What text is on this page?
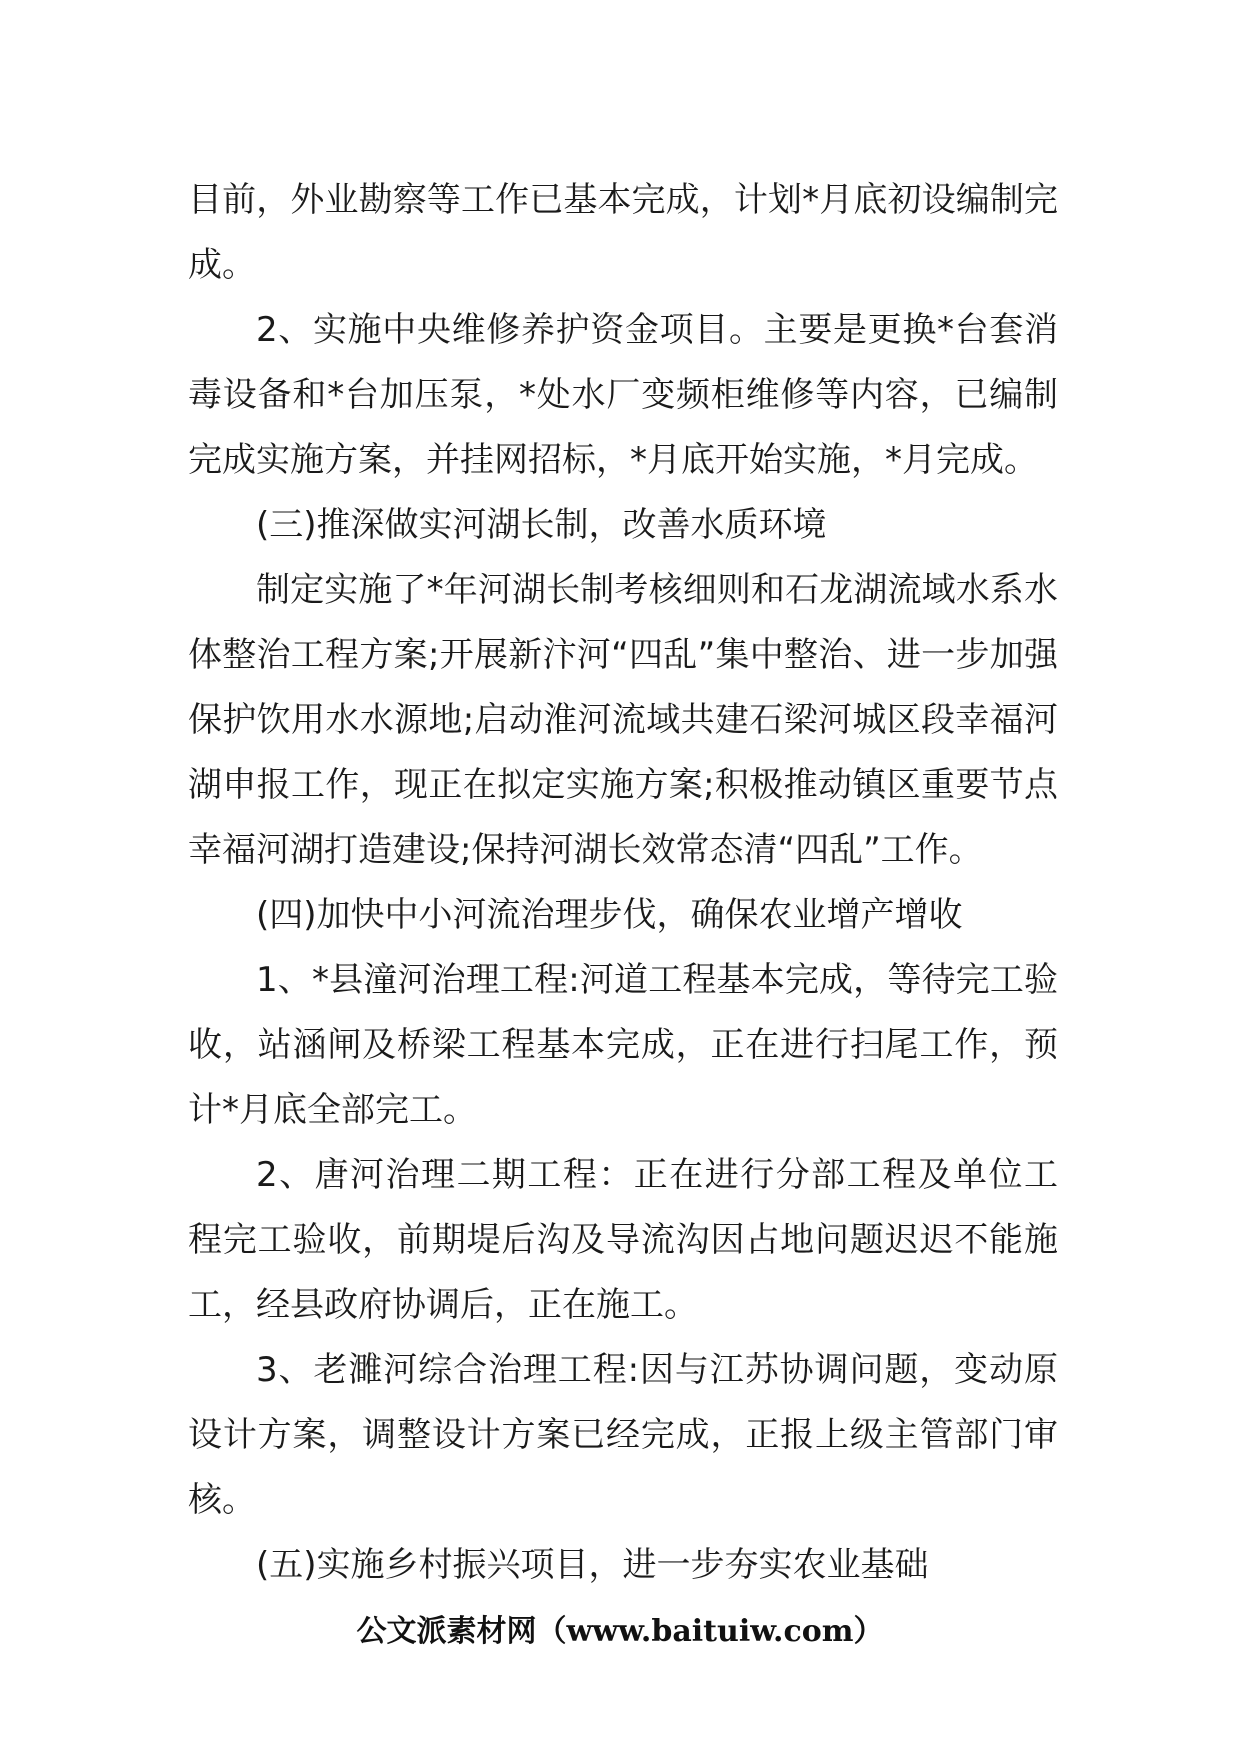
目前，外业勘察等工作已基本完成，计划*月底初设编制完成。

2、实施中央维修养护资金项目。主要是更换*台套消毒设备和*台加压泵，*处水厂变频柜维修等内容，已编制完成实施方案，并挂网招标，*月底开始实施，*月完成。

(三)推深做实河湖长制，改善水质环境

制定实施了*年河湖长制考核细则和石龙湖流域水系水体整治工程方案;开展新汴河“四乱”集中整治、进一步加强保护饮用水水源地;启动淮河流域共建石梁河城区段幸福河湖申报工作，现正在拟定实施方案;积极推动镇区重要节点幸福河湖打造建设;保持河湖长效常态清“四乱”工作。

(四)加快中小河流治理步伐，确保农业增产增收

1、*县潼河治理工程:河道工程基本完成，等待完工验收，站涵闸及桥梁工程基本完成，正在进行扫尾工作，预计*月底全部完工。

2、唐河治理二期工程：正在进行分部工程及单位工程完工验收，前期堤后沟及导流沟因占地问题迟迟不能施工，经县政府协调后，正在施工。

3、老濉河综合治理工程:因与江苏协调问题，变动原设计方案，调整设计方案已经完成，正报上级主管部门审核。

(五)实施乡村振兴项目，进一步夯实农业基础

公文派素材网（www.baituiw.com）
